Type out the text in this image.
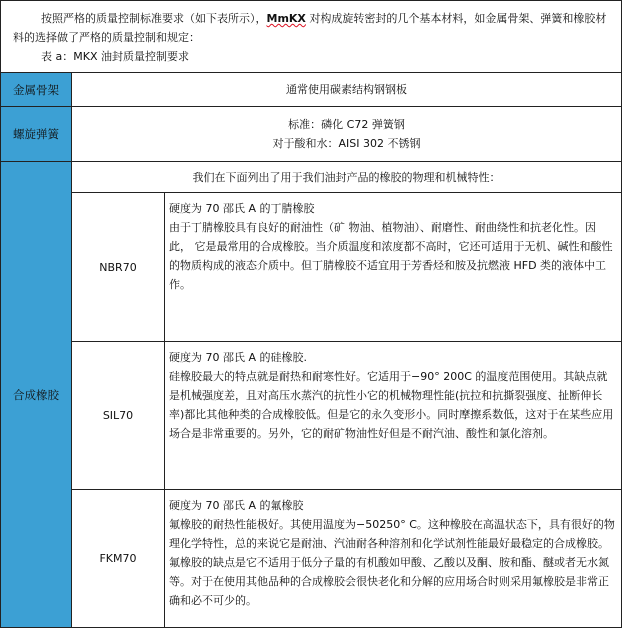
按照严格的质量控制标准要求（如下表所示），MmKX 对构成旋转密封的几个基本材料，如金属骨架、弹簧和橡胶材料的选择做了严格的质量控制和规定：

表 a：MKX 油封质量控制要求

金属骨架	通常使用碳素结构钢钢板
螺旋弹簧
标准：磷化 C72 弹簧钢
对于酸和水：AISI 302 不锈钢
合成橡胶
我们在下面列出了用于我们油封产品的橡胶的物理和机械特性：
NBR70
硬度为 70 邵氏 A 的丁腈橡胶
由于丁腈橡胶具有良好的耐油性（矿 物油、植物油）、耐磨性、耐曲绕性和抗老化性。因此， 它是最常用的合成橡胶。当介质温度和浓度都不高时，它还可适用于无机、碱性和酸性的物质构成的液态介质中。但丁腈橡胶不适宜用于芳香烃和胺及抗燃液 HFD 类的液体中工作。
SIL70
硬度为 70 邵氏 A 的硅橡胶.
硅橡胶最大的特点就是耐热和耐寒性好。它适用于−90° 200C 的温度范围使用。其缺点就是机械强度差，且对高压水蒸汽的抗性小它的机械物理性能(抗拉和抗撕裂强度、扯断伸长率)都比其他种类的合成橡胶低。但是它的永久变形小。同时摩擦系数低，这对于在某些应用场合是非常重要的。另外，它的耐矿物油性好但是不耐汽油、酸性和氯化溶剂。
FKM70
硬度为 70 邵氏 A 的氟橡胶
氟橡胶的耐热性能极好。其使用温度为−50250° C。这种橡胶在高温状态下，具有很好的物理化学特性，总的来说它是耐油、汽油耐各种溶剂和化学试剂性能最好最稳定的合成橡胶。氟橡胶的缺点是它不适用于低分子量的有机酸如甲酸、乙酸以及酮、胺和酯、醚或者无水氮等。对于在使用其他品种的合成橡胶会很快老化和分解的应用场合时则采用氟橡胶是非常正确和必不可少的。
